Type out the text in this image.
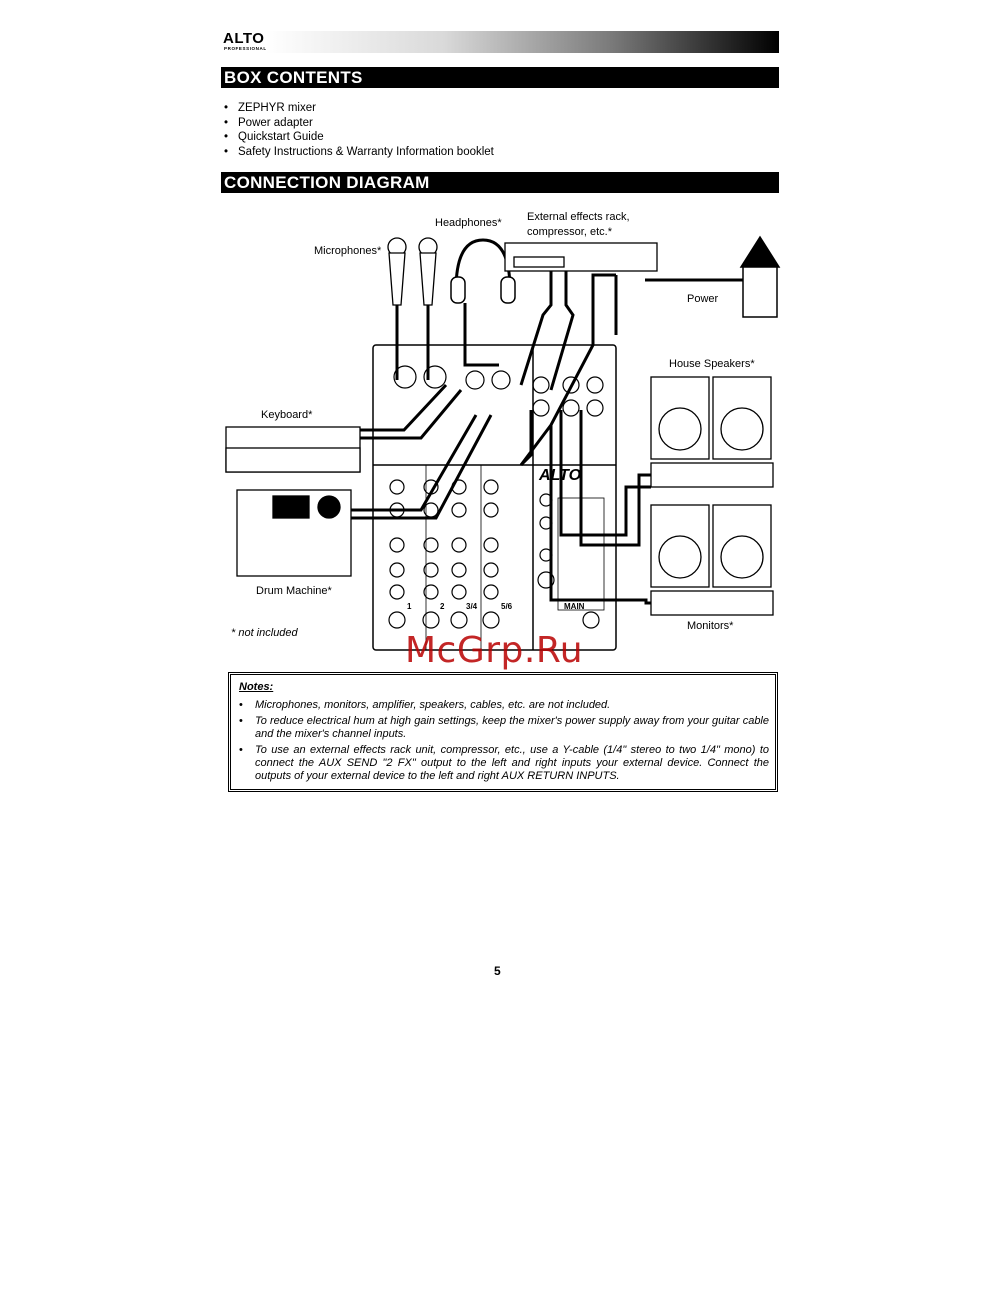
ALTO
PROFESSIONAL
BOX CONTENTS
• ZEPHYR mixer
• Power adapter
• Quickstart Guide
• Safety Instructions & Warranty Information booklet
CONNECTION DIAGRAM
1	2	3/4	5/6	MAIN
ALTO
Headphones* External effects rack,
compressor, etc.*
Microphones*
Power
House Speakers*
Keyboard*
Drum Machine*
Monitors*
* not included	McGrp.Ru
Notes:
• Microphones, monitors, amplifier, speakers, cables, etc. are not included.
• To reduce electrical hum at high gain settings, keep the mixer's power supply away from your guitar cable and the mixer's channel inputs.
• To use an external effects rack unit, compressor, etc., use a Y-cable (1/4" stereo to two 1/4" mono) to connect the AUX SEND "2 FX" output to the left and right inputs your external device. Connect the outputs of your external device to the left and right AUX RETURN INPUTS.
5
